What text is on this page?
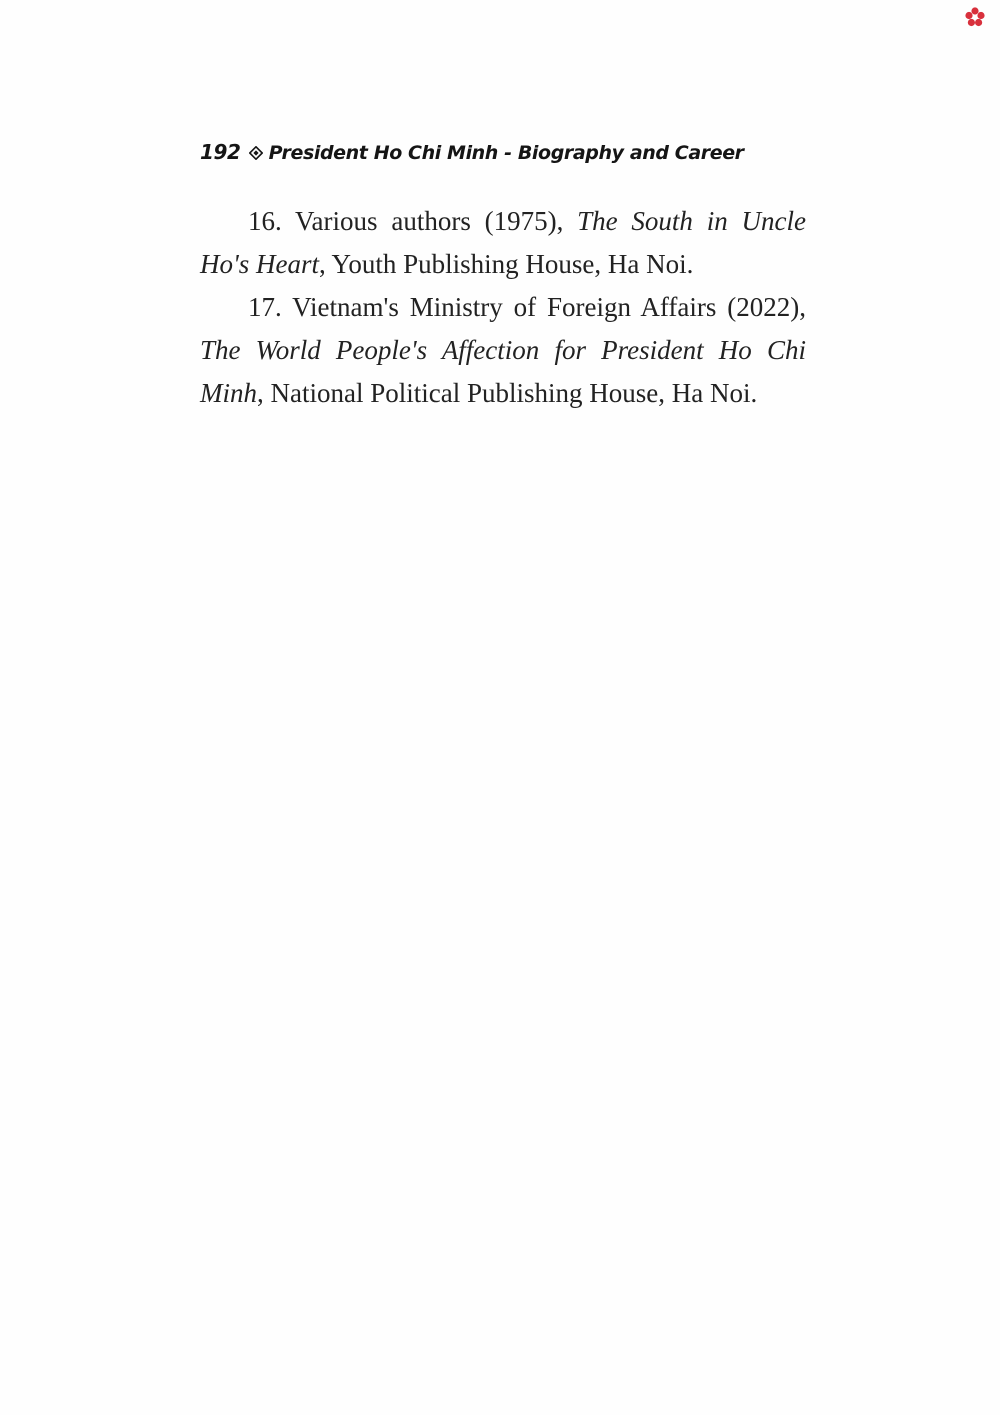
192 President Ho Chi Minh - Biography and Career

16. Various authors (1975), The South in Uncle Ho's Heart, Youth Publishing House, Ha Noi.

17. Vietnam's Ministry of Foreign Affairs (2022), The World People's Affection for President Ho Chi Minh, National Political Publishing House, Ha Noi.
